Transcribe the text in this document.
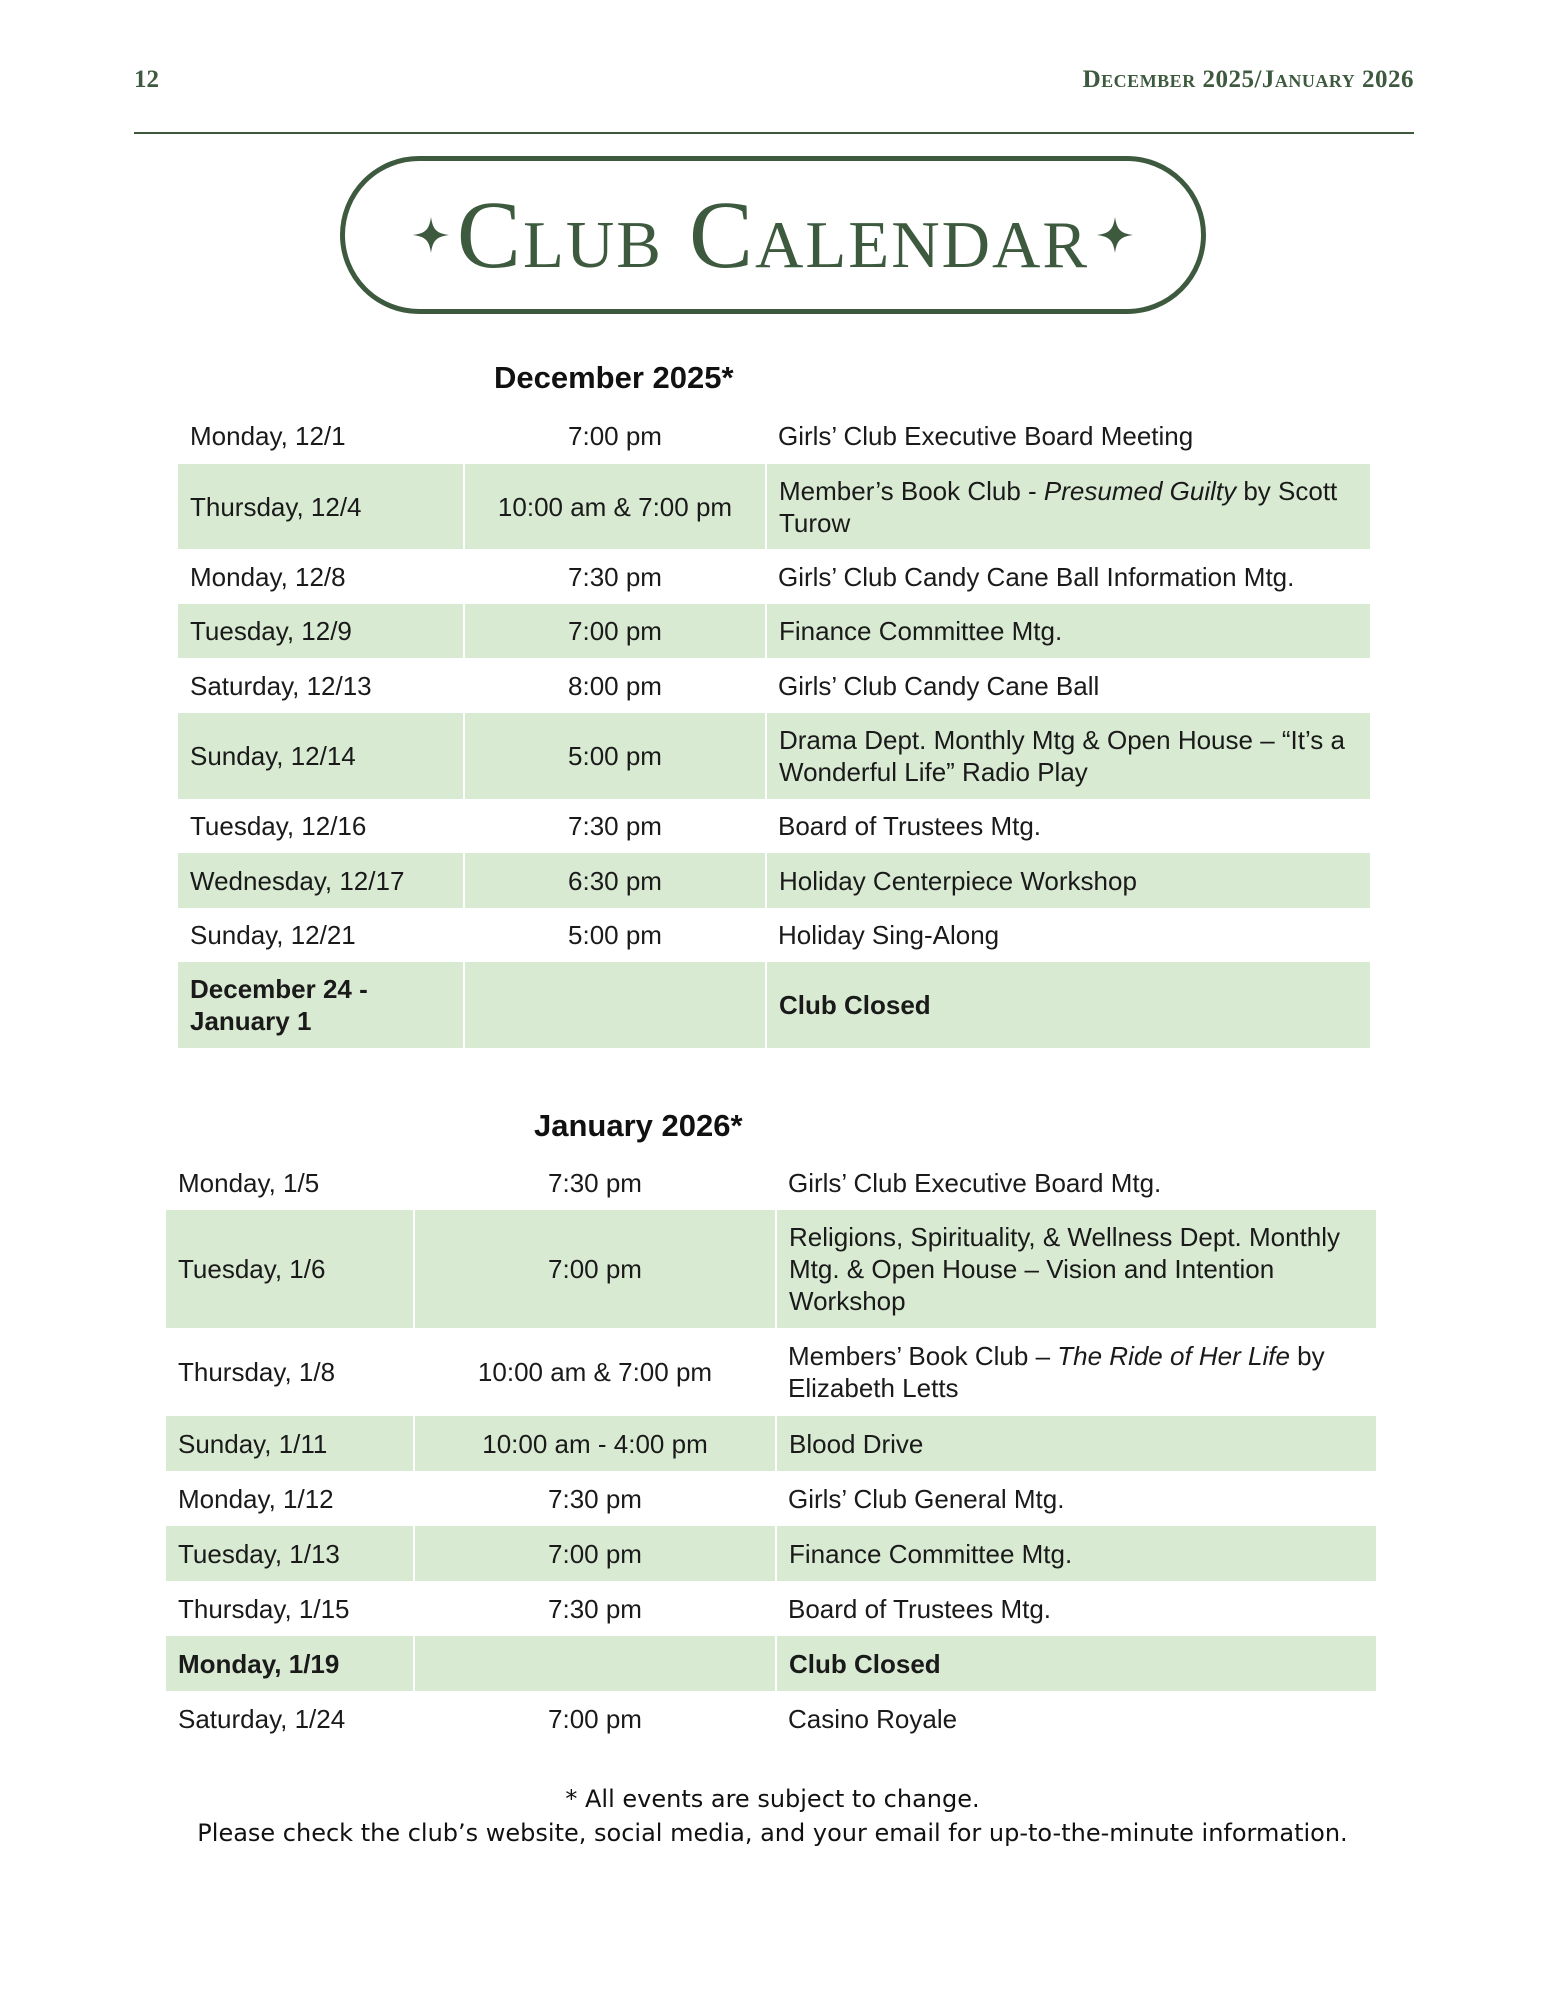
12	December 2025/January 2026
Club Calendar
December 2025*
Monday, 12/1	7:00 pm	Girls’ Club Executive Board Meeting
Thursday, 12/4	10:00 am & 7:00 pm	Member’s Book Club - Presumed Guilty by Scott Turow
Monday, 12/8	7:30 pm	Girls’ Club Candy Cane Ball Information Mtg.
Tuesday, 12/9	7:00 pm	Finance Committee Mtg.
Saturday, 12/13	8:00 pm	Girls’ Club Candy Cane Ball
Sunday, 12/14	5:00 pm	Drama Dept. Monthly Mtg & Open House – “It’s a Wonderful Life” Radio Play
Tuesday, 12/16	7:30 pm	Board of Trustees Mtg.
Wednesday, 12/17	6:30 pm	Holiday Centerpiece Workshop
Sunday, 12/21	5:00 pm	Holiday Sing-Along
December 24 - January 1		Club Closed
January 2026*
Monday, 1/5	7:30 pm	Girls’ Club Executive Board Mtg.
Tuesday, 1/6	7:00 pm	Religions, Spirituality, & Wellness Dept. Monthly Mtg. & Open House – Vision and Intention Workshop
Thursday, 1/8	10:00 am & 7:00 pm	Members’ Book Club – The Ride of Her Life by Elizabeth Letts
Sunday, 1/11	10:00 am - 4:00 pm	Blood Drive
Monday, 1/12	7:30 pm	Girls’ Club General Mtg.
Tuesday, 1/13	7:00 pm	Finance Committee Mtg.
Thursday, 1/15	7:30 pm	Board of Trustees Mtg.
Monday, 1/19		Club Closed
Saturday, 1/24	7:00 pm	Casino Royale
* All events are subject to change.
Please check the club’s website, social media, and your email for up-to-the-minute information.
